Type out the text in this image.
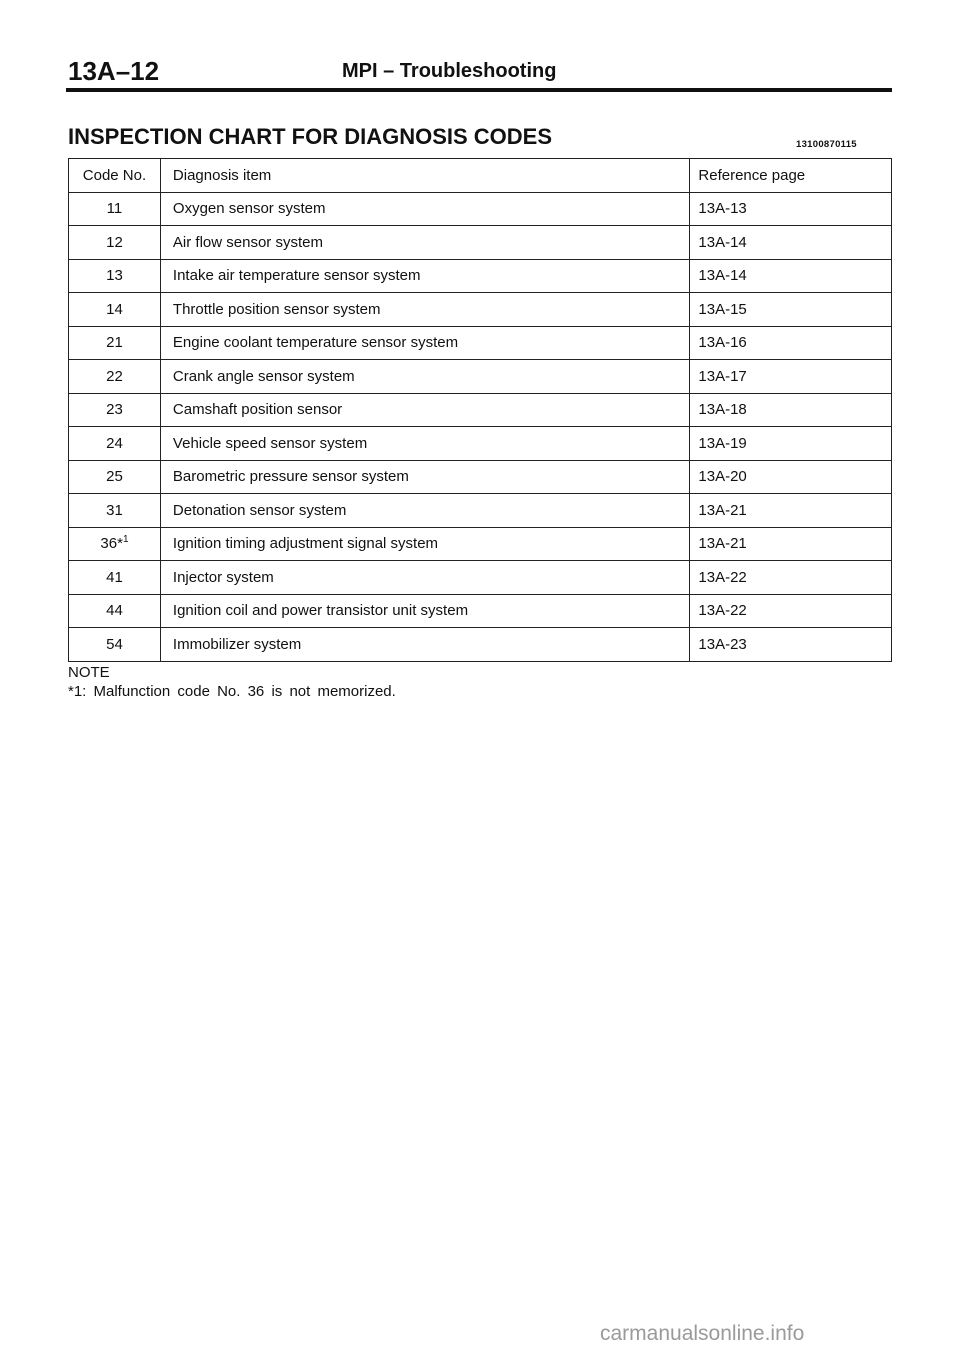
13A–12	MPI – Troubleshooting
INSPECTION CHART FOR DIAGNOSIS CODES	13100870115
Code No.	Diagnosis item	Reference page
11	Oxygen sensor system	13A-13
12	Air flow sensor system	13A-14
13	Intake air temperature sensor system	13A-14
14	Throttle position sensor system	13A-15
21	Engine coolant temperature sensor system	13A-16
22	Crank angle sensor system	13A-17
23	Camshaft position sensor	13A-18
24	Vehicle speed sensor system	13A-19
25	Barometric pressure sensor system	13A-20
31	Detonation sensor system	13A-21
36*$^1$	Ignition timing adjustment signal system	13A-21
41	Injector system	13A-22
44	Ignition coil and power transistor unit system	13A-22
54	Immobilizer system	13A-23
NOTE
*1: Malfunction code No. 36 is not memorized.
carmanualsonline.info
